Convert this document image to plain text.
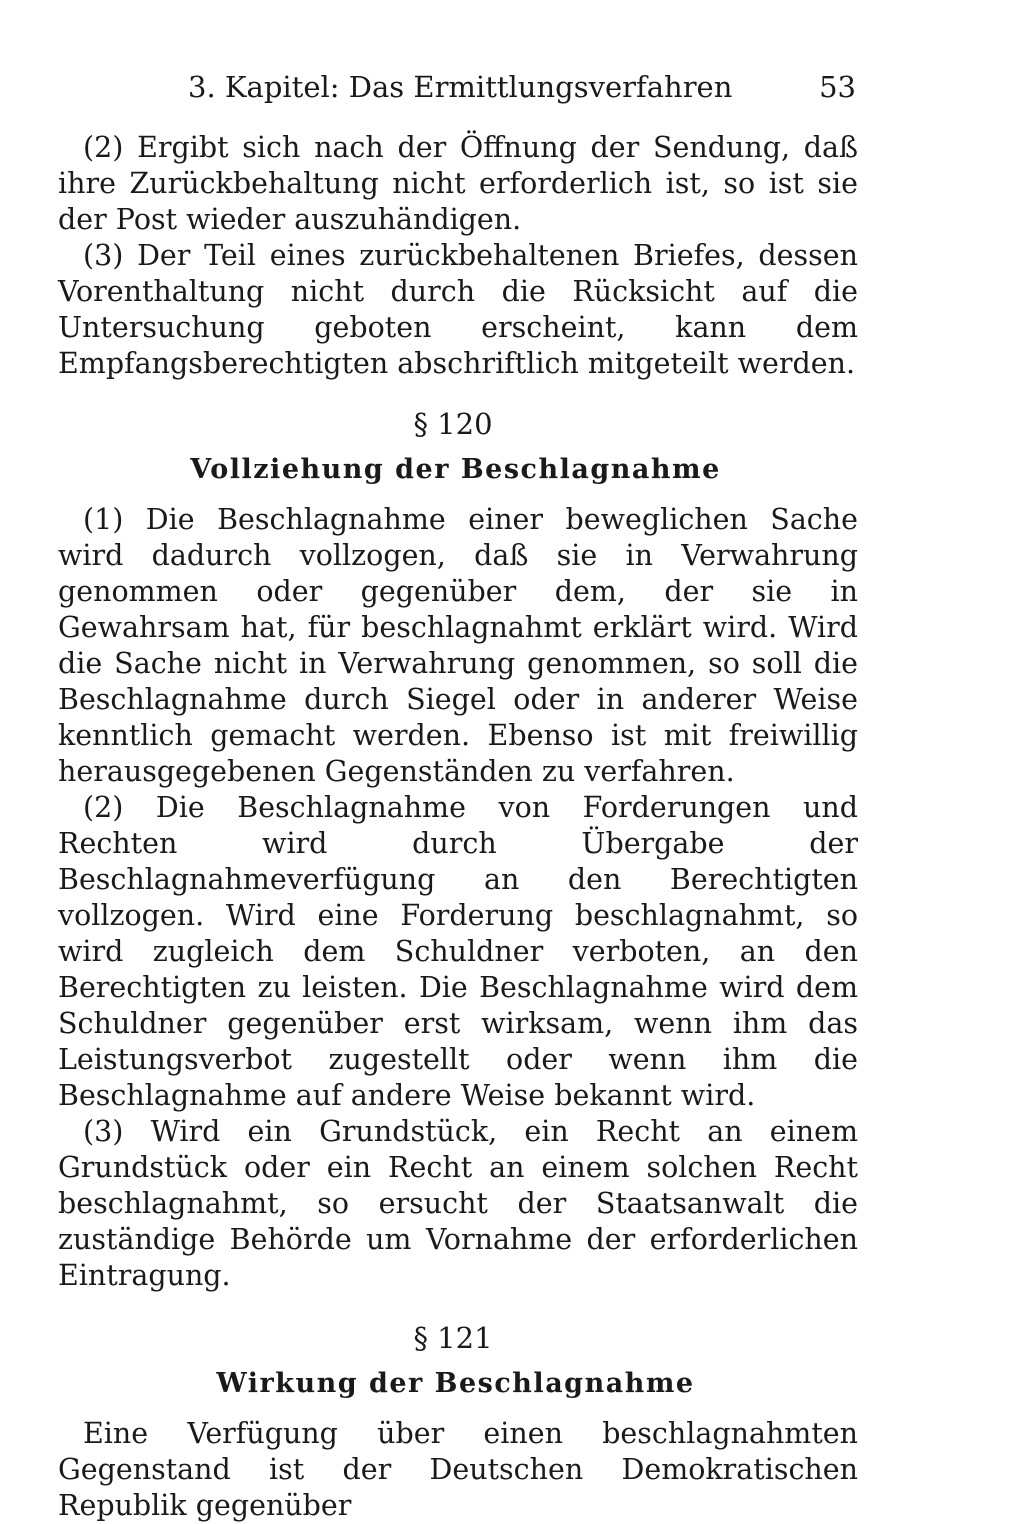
3. Kapitel: Das Ermittlungsverfahren	53

(2) Ergibt sich nach der Öffnung der Sendung, daß ihre Zurückbehaltung nicht erforderlich ist, so ist sie der Post wieder auszuhändigen.

(3) Der Teil eines zurückbehaltenen Briefes, dessen Vorenthaltung nicht durch die Rücksicht auf die Untersuchung geboten erscheint, kann dem Empfangsberechtigten abschriftlich mitgeteilt werden.

§ 120
Vollziehung der Beschlagnahme

(1) Die Beschlagnahme einer beweglichen Sache wird dadurch vollzogen, daß sie in Verwahrung genommen oder gegenüber dem, der sie in Gewahrsam hat, für beschlagnahmt erklärt wird. Wird die Sache nicht in Verwahrung genommen, so soll die Beschlagnahme durch Siegel oder in anderer Weise kenntlich gemacht werden. Ebenso ist mit freiwillig herausgegebenen Gegenständen zu verfahren.

(2) Die Beschlagnahme von Forderungen und Rechten wird durch Übergabe der Beschlagnahmeverfügung an den Berechtigten vollzogen. Wird eine Forderung beschlagnahmt, so wird zugleich dem Schuldner verboten, an den Berechtigten zu leisten. Die Beschlagnahme wird dem Schuldner gegenüber erst wirksam, wenn ihm das Leistungsverbot zugestellt oder wenn ihm die Beschlagnahme auf andere Weise bekannt wird.

(3) Wird ein Grundstück, ein Recht an einem Grundstück oder ein Recht an einem solchen Recht beschlagnahmt, so ersucht der Staatsanwalt die zuständige Behörde um Vornahme der erforderlichen Eintragung.

§ 121
Wirkung der Beschlagnahme

Eine Verfügung über einen beschlagnahmten Gegenstand ist der Deutschen Demokratischen Republik gegenüber
